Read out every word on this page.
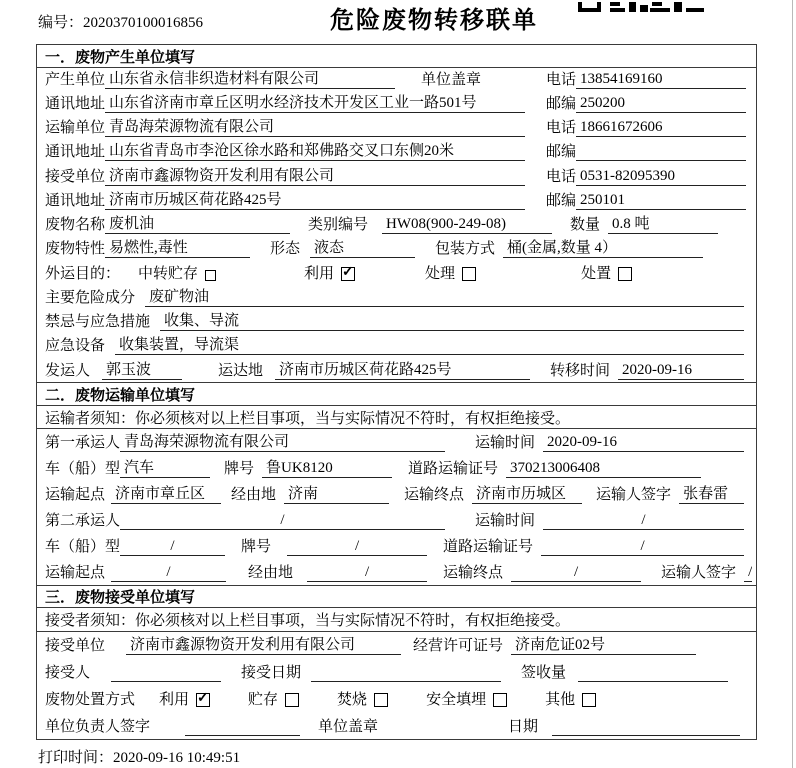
编号：2020370100016856	危险废物转移联单
一．废物产生单位填写
产生单位 山东省永信非织造材料有限公司	单位盖章	电话 13854169160
通讯地址 山东省济南市章丘区明水经济技术开发区工业一路501号	邮编 250200
运输单位 青岛海荣源物流有限公司	电话 18661672606
通讯地址 山东省青岛市李沧区徐水路和郑佛路交叉口东侧20米	邮编
接受单位 济南市鑫源物资开发利用有限公司	电话 0531-82095390
通讯地址 济南市历城区荷花路425号	邮编 250101
废物名称 废机油	类别编号 HW08(900-249-08)	数量 0.8 吨
废物特性 易燃性,毒性	形态 液态	包装方式 桶(金属,数量 4）
外运目的： 中转贮存	利用 ✓	处理	处置
主要危险成分 废矿物油
禁忌与应急措施 收集、导流
应急设备 收集装置，导流渠
发运人 郭玉波	运达地 济南市历城区荷花路425号	转移时间 2020-09-16
二．废物运输单位填写
运输者须知：你必须核对以上栏目事项，当与实际情况不符时，有权拒绝接受。
第一承运人 青岛海荣源物流有限公司	运输时间 2020-09-16
车（船）型 汽车	牌号 鲁UK8120	道路运输证号 370213006408
运输起点 济南市章丘区	经由地 济南	运输终点 济南市历城区	运输人签字 张春雷
第二承运人	/	运输时间	/
车（船）型	/	牌号	/	道路运输证号	/
运输起点	/	经由地	/	运输终点	/	运输人签字 /
三．废物接受单位填写
接受者须知：你必须核对以上栏目事项，当与实际情况不符时，有权拒绝接受。
接受单位 济南市鑫源物资开发利用有限公司	经营许可证号 济南危证02号
接受人	接受日期	签收量
废物处置方式 利用 ✓	贮存	焚烧	安全填埋	其他
单位负责人签字	单位盖章	日期
打印时间：2020-09-16 10:49:51
